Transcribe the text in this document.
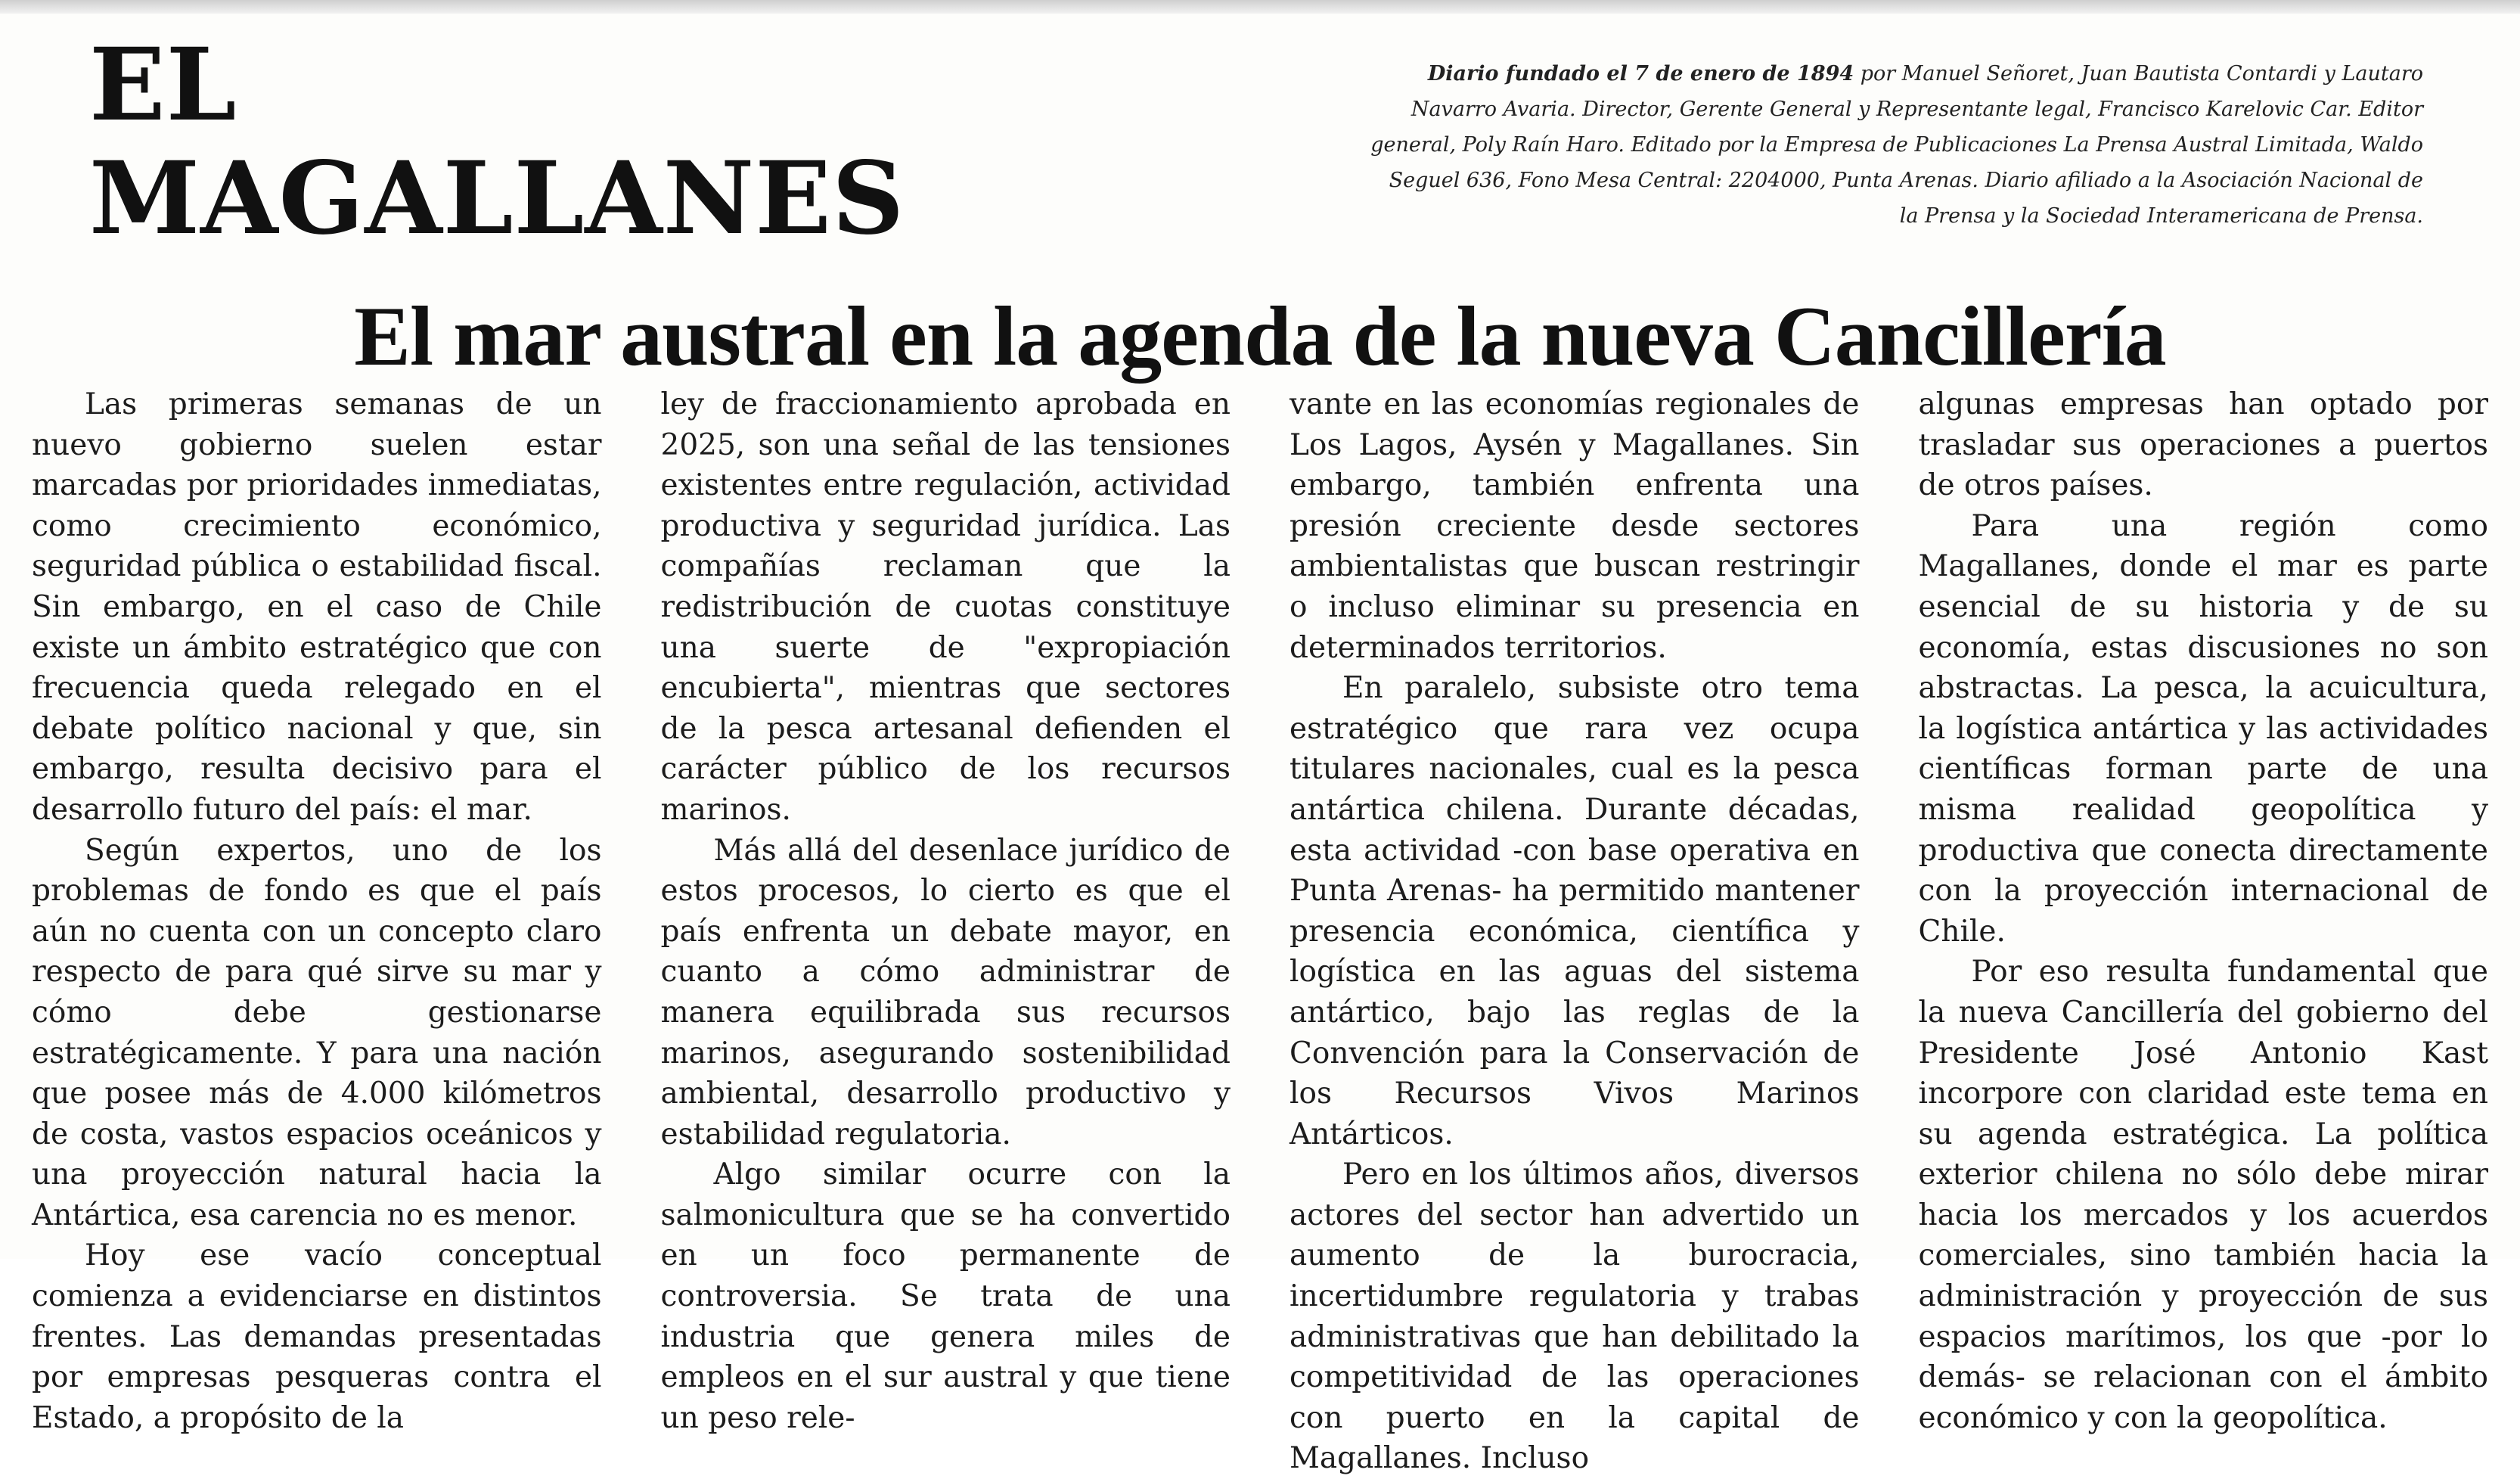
EL
MAGALLANES
Diario fundado el 7 de enero de 1894 por Manuel Señoret, Juan Bautista Contardi y Lautaro Navarro Avaria. Director, Gerente General y Representante legal, Francisco Karelovic Car. Editor general, Poly Raín Haro. Editado por la Empresa de Publicaciones La Prensa Austral Limitada, Waldo Seguel 636, Fono Mesa Central: 2204000, Punta Arenas. Diario afiliado a la Asociación Nacional de la Prensa y la Sociedad Interamericana de Prensa.
El mar austral en la agenda de la nueva Cancillería

Las primeras semanas de un nuevo gobierno suelen estar marcadas por prioridades inmediatas, como crecimiento económico, seguridad pública o estabilidad fiscal. Sin embargo, en el caso de Chile existe un ámbito estratégico que con frecuencia queda relegado en el debate político nacional y que, sin embargo, resulta decisivo para el desarrollo futuro del país: el mar.

Según expertos, uno de los problemas de fondo es que el país aún no cuenta con un concepto claro respecto de para qué sirve su mar y cómo debe gestionarse estratégicamente. Y para una nación que posee más de 4.000 kilómetros de costa, vastos espacios oceánicos y una proyección natural hacia la Antártica, esa carencia no es menor.

Hoy ese vacío conceptual comienza a evidenciarse en distintos frentes. Las demandas presentadas por empresas pesqueras contra el Estado, a propósito de la

ley de fraccionamiento aprobada en 2025, son una señal de las tensiones existentes entre regulación, actividad productiva y seguridad jurídica. Las compañías reclaman que la redistribución de cuotas constituye una suerte de "expropiación encubierta", mientras que sectores de la pesca artesanal defienden el carácter público de los recursos marinos.

Más allá del desenlace jurídico de estos procesos, lo cierto es que el país enfrenta un debate mayor, en cuanto a cómo administrar de manera equilibrada sus recursos marinos, asegurando sostenibilidad ambiental, desarrollo productivo y estabilidad regulatoria.

Algo similar ocurre con la salmonicultura que se ha convertido en un foco permanente de controversia. Se trata de una industria que genera miles de empleos en el sur austral y que tiene un peso rele-

vante en las economías regionales de Los Lagos, Aysén y Magallanes. Sin embargo, también enfrenta una presión creciente desde sectores ambientalistas que buscan restringir o incluso eliminar su presencia en determinados territorios.

En paralelo, subsiste otro tema estratégico que rara vez ocupa titulares nacionales, cual es la pesca antártica chilena. Durante décadas, esta actividad -con base operativa en Punta Arenas- ha permitido mantener presencia económica, científica y logística en las aguas del sistema antártico, bajo las reglas de la Convención para la Conservación de los Recursos Vivos Marinos Antárticos.

Pero en los últimos años, diversos actores del sector han advertido un aumento de la burocracia, incertidumbre regulatoria y trabas administrativas que han debilitado la competitividad de las operaciones con puerto en la capital de Magallanes. Incluso

algunas empresas han optado por trasladar sus operaciones a puertos de otros países.

Para una región como Magallanes, donde el mar es parte esencial de su historia y de su economía, estas discusiones no son abstractas. La pesca, la acuicultura, la logística antártica y las actividades científicas forman parte de una misma realidad geopolítica y productiva que conecta directamente con la proyección internacional de Chile.

Por eso resulta fundamental que la nueva Cancillería del gobierno del Presidente José Antonio Kast incorpore con claridad este tema en su agenda estratégica. La política exterior chilena no sólo debe mirar hacia los mercados y los acuerdos comerciales, sino también hacia la administración y proyección de sus espacios marítimos, los que -por lo demás- se relacionan con el ámbito económico y con la geopolítica.
